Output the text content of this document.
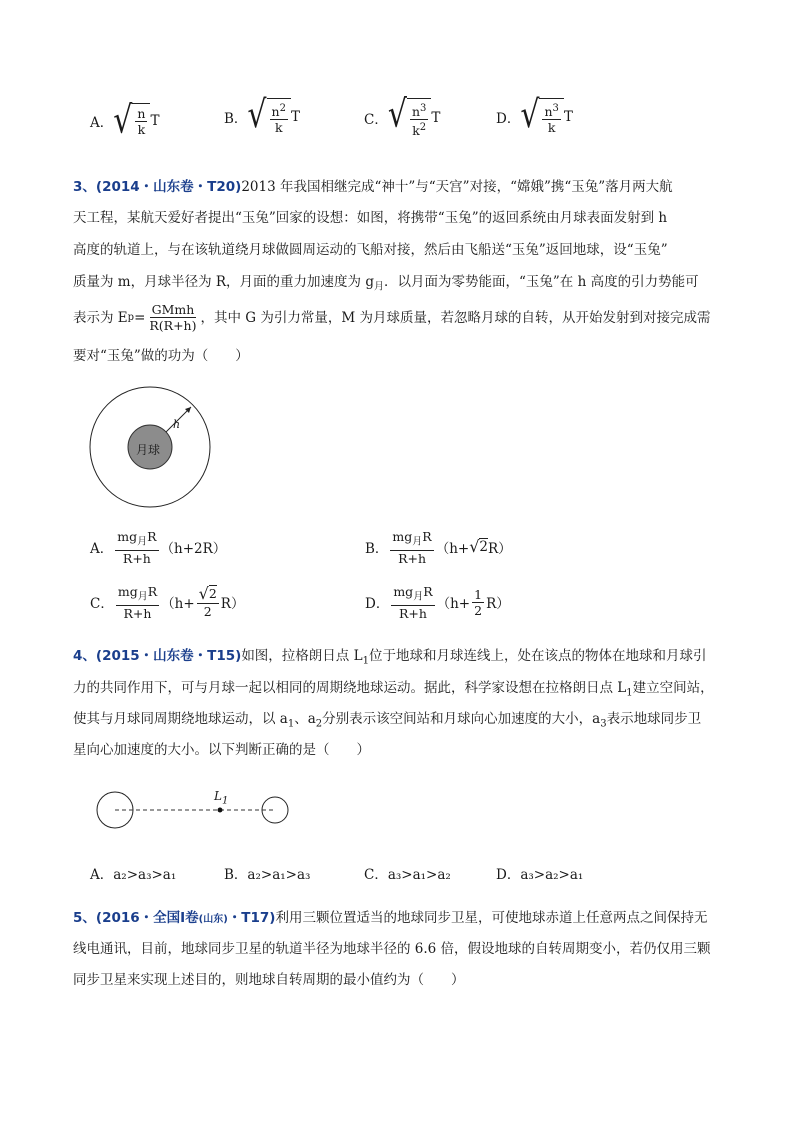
A． √ $\frac{n}{k}$ T	B． √ $\frac{n^2}{k}$ T	C． √ $\frac{n^3}{k^2}$ T	D． √ $\frac{n^3}{k}$ T
3、(2014・山东卷・T20)2013 年我国相继完成“神十”与“天宫”对接，“嫦娥”携“玉兔”落月两大航
天工程，某航天爱好者提出“玉兔”回家的设想：如图，将携带“玉兔”的返回系统由月球表面发射到 h
高度的轨道上，与在该轨道绕月球做圆周运动的飞船对接，然后由飞船送“玉兔”返回地球，设“玉兔”
质量为 m，月球半径为 R，月面的重力加速度为 $g_月$．以月面为零势能面，“玉兔”在 h 高度的引力势能可
表示为 E $p = \frac{\text{GMmh}}{R(R+h)}$ ，其中 G 为引力常量，M 为月球质量，若忽略月球的自转，从开始发射到对接完成需
要对“玉兔”做的功为（　　）
月球
h
A． $\frac{mg_月R}{R+h} (h+2R)$	B． $\frac{mg_月R}{R+h} (h+$ √ 2 R）
C． $\frac{mg_月R}{R+h} (h+ \frac{√ 2}{2} R)$	D． $\frac{mg_月R}{R+h} (h+ \frac{1}{2} R)$
4、(2015・山东卷・T15)如图，拉格朗日点 $L_1$位于地球和月球连线上，处在该点的物体在地球和月球引
力的共同作用下，可与月球一起以相同的周期绕地球运动。据此，科学家设想在拉格朗日点 $L_1$建立空间站，
使其与月球同周期绕地球运动，以 $a_1$、$a_2$分别表示该空间站和月球向心加速度的大小，$a_3$表示地球同步卫
星向心加速度的大小。以下判断正确的是（　　）
$L_1$
A．a₂>a₃>a₁	B．a₂>a₁>a₃	C．a₃>a₁>a₂	D．a₃>a₂>a₁
5、(2016・全国Ⅰ卷(山东)・T17)利用三颗位置适当的地球同步卫星，可使地球赤道上任意两点之间保持无
线电通讯，目前，地球同步卫星的轨道半径为地球半径的 6.6 倍，假设地球的自转周期变小，若仍仅用三颗
同步卫星来实现上述目的，则地球自转周期的最小值约为（　　）
